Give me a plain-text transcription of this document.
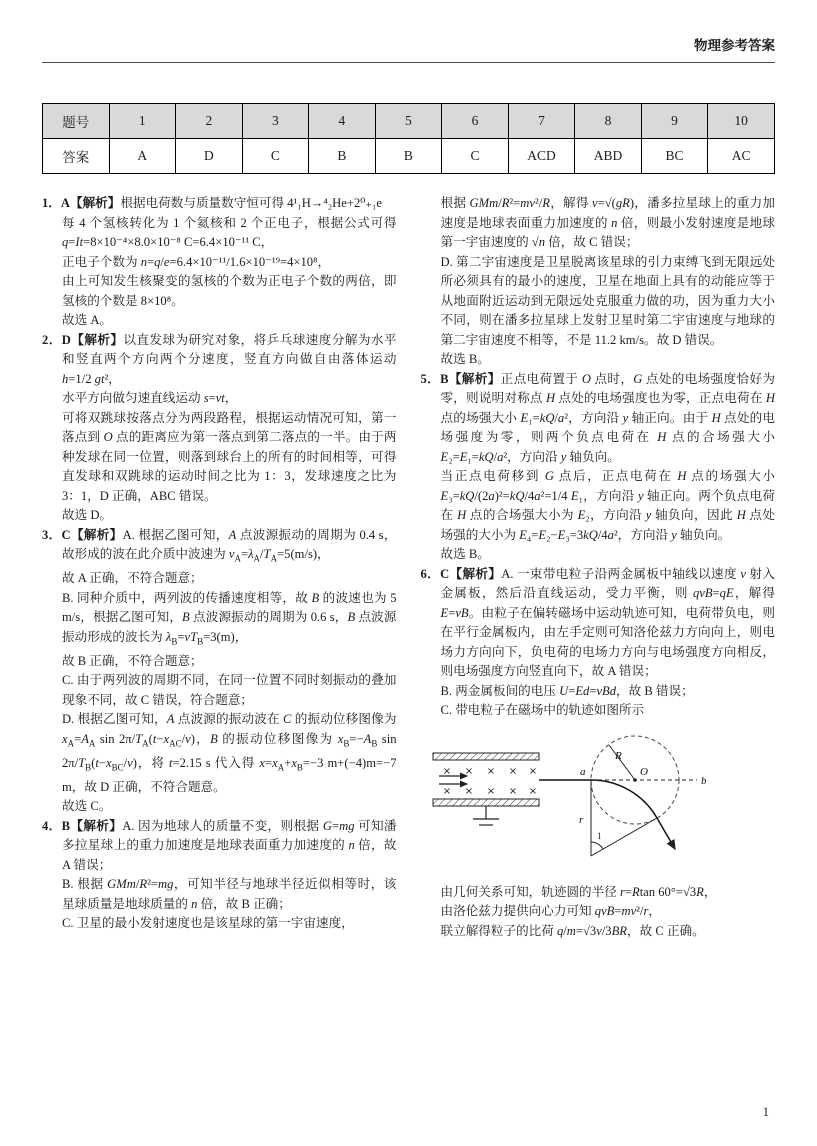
物理参考答案
题号	1	2	3	4	5	6	7	8	9	10
答案	A	D	C	B	B	C	ACD	ABD	BC	AC

1．A【解析】根据电荷数与质量数守恒可得 4¹₁H→⁴₂He+2⁰₊₁e

每 4 个氢核转化为 1 个氦核和 2 个正电子，根据公式可得 q=It=8×10⁻⁴×8.0×10⁻⁸ C=6.4×10⁻¹¹ C，

正电子个数为 n=q/e=6.4×10⁻¹¹/1.6×10⁻¹⁹=4×10⁸，

由上可知发生核聚变的氢核的个数为正电子个数的两倍，即氢核的个数是 8×10⁸。

故选 A。

2．D【解析】以直发球为研究对象，将乒乓球速度分解为水平和竖直两个方向两个分速度，竖直方向做自由落体运动 h=1/2 gt²，

水平方向做匀速直线运动 s=vt，

可将双跳球按落点分为两段路程，根据运动情况可知，第一落点到 O 点的距离应为第一落点到第二落点的一半。由于两种发球在同一位置，则落到球台上的所有的时间相等，可得直发球和双跳球的运动时间之比为 1：3，发球速度之比为 3：1，D 正确，ABC 错误。

故选 D。

3．C【解析】A. 根据乙图可知，A 点波源振动的周期为 0.4 s，故形成的波在此介质中波速为 $v_A=\lambda_A/T_A=5(m/s)$，

故 A 正确，不符合题意；

B. 同种介质中，两列波的传播速度相等，故 B 的波速也为 5 m/s，根据乙图可知，B 点波源振动的周期为 0.6 s，B 点波源振动形成的波长为 $\lambda_B=vT_B=3(m)$，

故 B 正确，不符合题意；

C. 由于两列波的周期不同，在同一位置不同时刻振动的叠加现象不同，故 C 错误，符合题意；

D. 根据乙图可知，A 点波源的振动波在 C 的振动位移图像为 $x_A=A_A$ $\sin 2\pi/T_A(t-x_{AC}/v)$，B 的振动位移图像为 $x_B=-A_B$ $\sin 2\pi/T_B(t-x_{BC}/v)$，将 t=2.15 s 代入得 $x=x_A+x_B=-3$ m+(−4)m=−7 m，故 D 正确，不符合题意。

故选 C。

4．B【解析】A. 因为地球人的质量不变，则根据 G=mg 可知潘多拉星球上的重力加速度是地球表面重力加速度的 n 倍，故 A 错误；

B. 根据 GMm/R²=mg，可知半径与地球半径近似相等时，该星球质量是地球质量的 n 倍，故 B 正确；

C. 卫星的最小发射速度也是该星球的第一宇宙速度，

根据 GMm/R²=mv²/R，解得 v=√(gR)，潘多拉星球上的重力加速度是地球表面重力加速度的 n 倍，则最小发射速度是地球第一宇宙速度的 √n 倍，故 C 错误；

D. 第二宇宙速度是卫星脱离该星球的引力束缚飞到无限远处所必须具有的最小的速度，卫星在地面上具有的动能应等于从地面附近运动到无限远处克服重力做的功，因为重力大小不同，则在潘多拉星球上发射卫星时第二宇宙速度与地球的第二宇宙速度不相等，不是 11.2 km/s。故 D 错误。

故选 B。

5．B【解析】正点电荷置于 O 点时，G 点处的电场强度恰好为零，则说明对称点 H 点处的电场强度也为零，正点电荷在 H 点的场强大小 E₁=kQ/a²，方向沿 y 轴正向。由于 H 点处的电场强度为零，则两个负点电荷在 H 点的合场强大小 E₂=E₁=kQ/a²，方向沿 y 轴负向。

当正点电荷移到 G 点后，正点电荷在 H 点的场强大小 E₃=kQ/(2a)²=kQ/4a²=1/4 E₁，方向沿 y 轴正向。两个负点电荷在 H 点的合场强大小为 E₂，方向沿 y 轴负向，因此 H 点处场强的大小为 E₄=E₂−E₃=3kQ/4a²，方向沿 y 轴负向。

故选 B。

6．C【解析】A. 一束带电粒子沿两金属板中轴线以速度 v 射入金属板，然后沿直线运动，受力平衡，则 qvB=qE，解得 E=vB。由粒子在偏转磁场中运动轨迹可知，电荷带负电，则在平行金属板内，由左手定则可知洛伦兹力方向向上，则电场力方向向下，负电荷的电场力方向与电场强度方向相反，则电场强度方向竖直向下，故 A 错误；

B. 两金属板间的电压 U=Ed=vBd，故 B 错误；

C. 带电粒子在磁场中的轨迹如图所示

× × × × ×
× × × × ×
R
O
a
b
r
1

由几何关系可知，轨迹圆的半径 r=Rtan 60°=√3R，

由洛伦兹力提供向心力可知 qvB=mv²/r，

联立解得粒子的比荷 q/m=√3v/3BR，故 C 正确。

1
